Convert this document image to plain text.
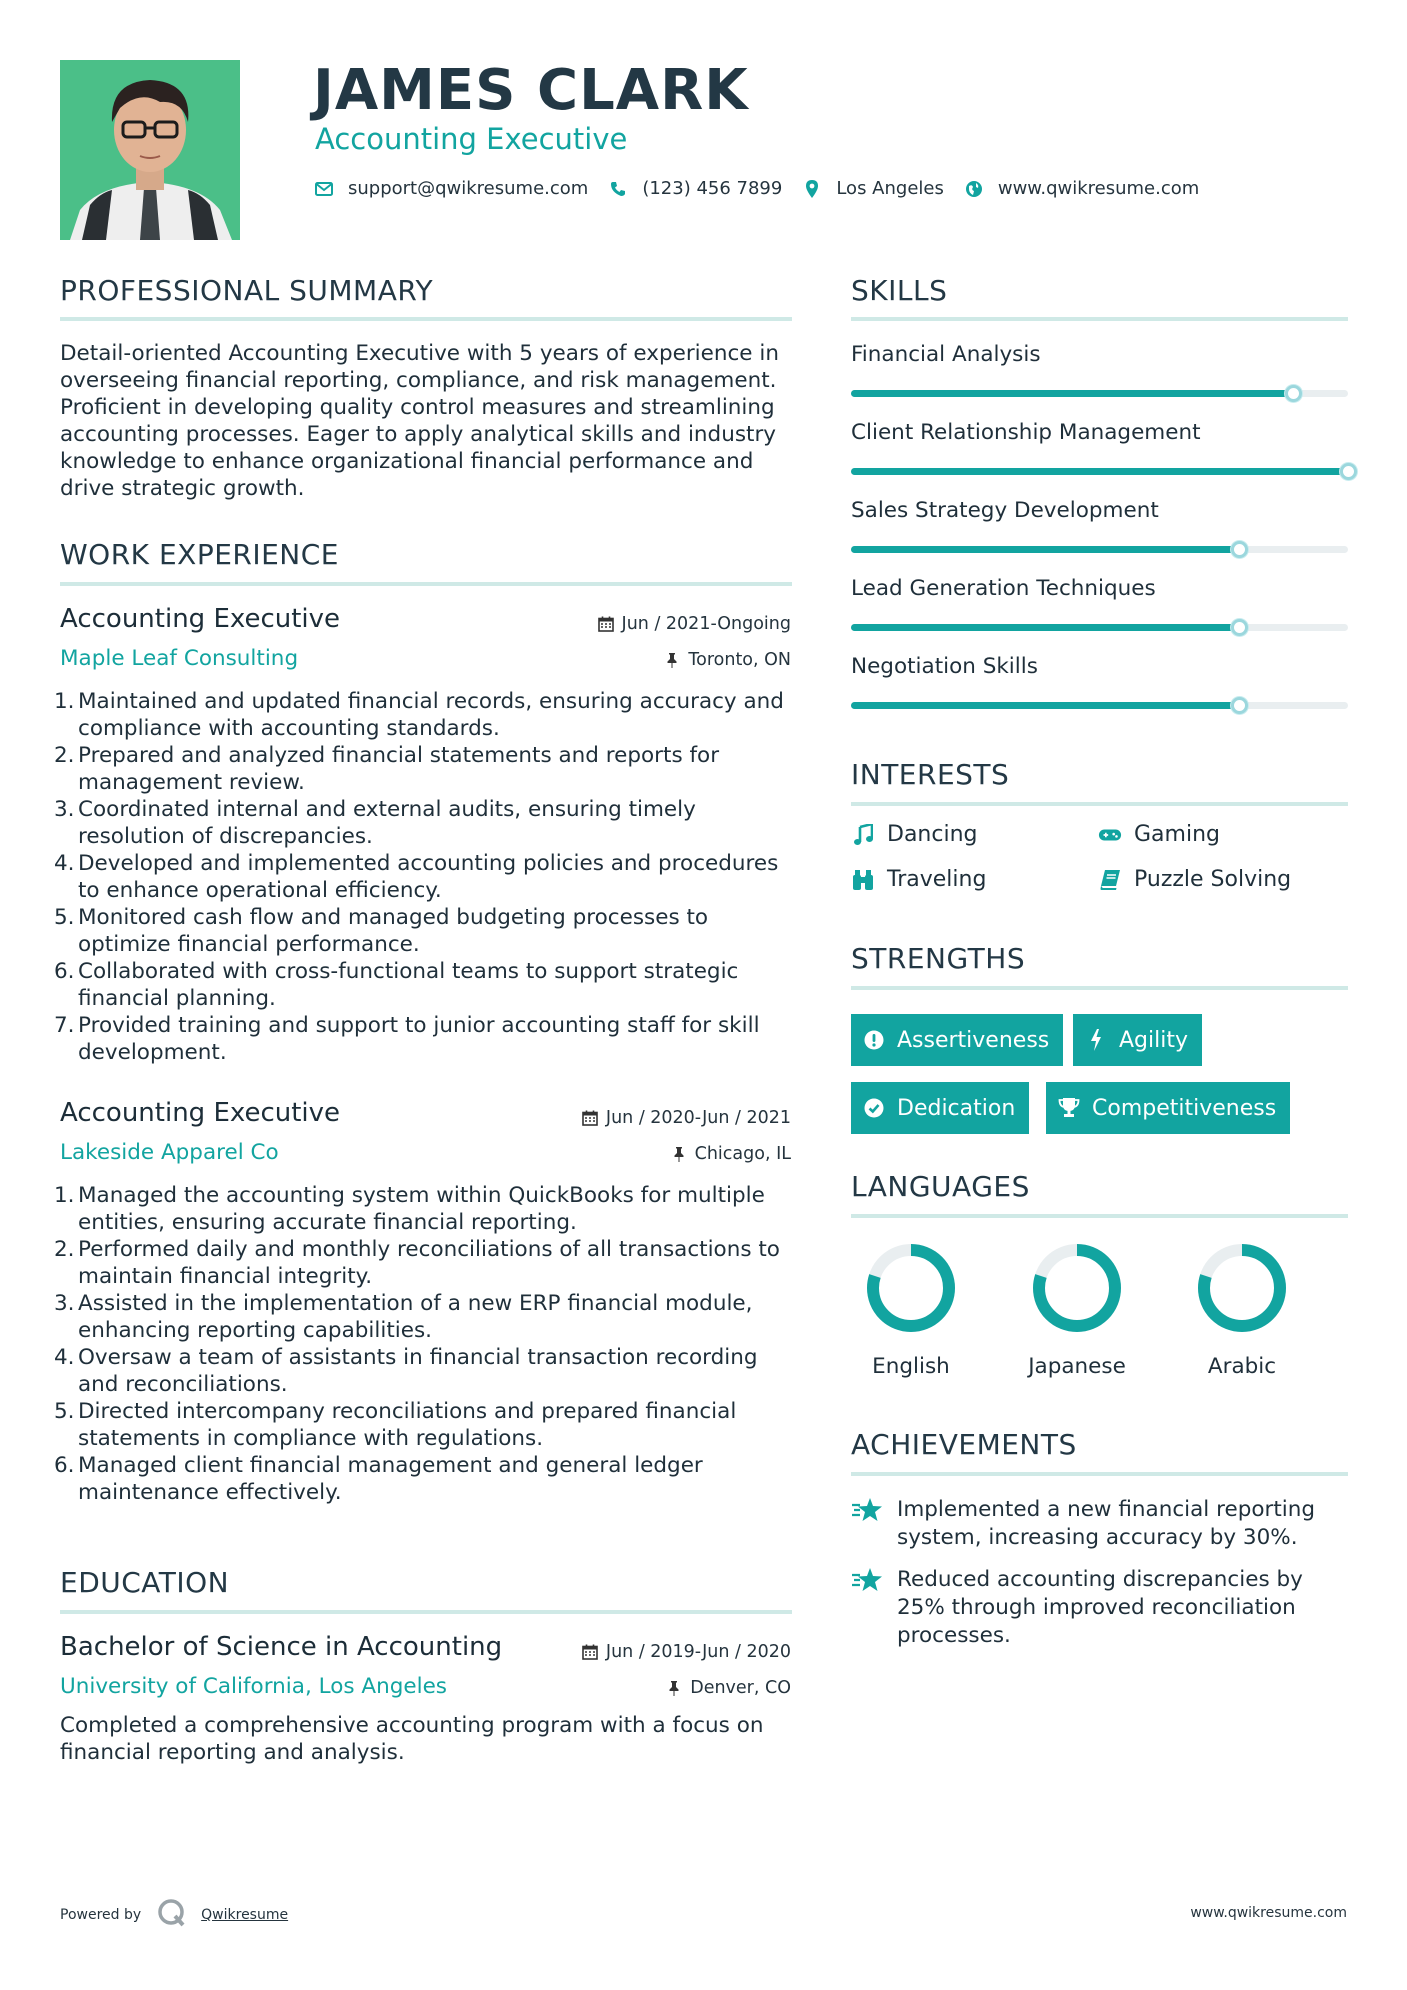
JAMES CLARK
Accounting Executive
support@qwikresume.com	(123) 456 7899	Los Angeles	www.qwikresume.com
PROFESSIONAL SUMMARY
Detail-oriented Accounting Executive with 5 years of experience in overseeing financial reporting, compliance, and risk management. Proficient in developing quality control measures and streamlining accounting processes. Eager to apply analytical skills and industry knowledge to enhance organizational financial performance and drive strategic growth.
WORK EXPERIENCE
Accounting Executive	Jun / 2021-Ongoing
Maple Leaf Consulting	Toronto, ON
1. Maintained and updated financial records, ensuring accuracy and compliance with accounting standards.
2. Prepared and analyzed financial statements and reports for management review.
3. Coordinated internal and external audits, ensuring timely resolution of discrepancies.
4. Developed and implemented accounting policies and procedures to enhance operational efficiency.
5. Monitored cash flow and managed budgeting processes to optimize financial performance.
6. Collaborated with cross-functional teams to support strategic financial planning.
7. Provided training and support to junior accounting staff for skill development.
Accounting Executive	Jun / 2020-Jun / 2021
Lakeside Apparel Co	Chicago, IL
1. Managed the accounting system within QuickBooks for multiple entities, ensuring accurate financial reporting.
2. Performed daily and monthly reconciliations of all transactions to maintain financial integrity.
3. Assisted in the implementation of a new ERP financial module, enhancing reporting capabilities.
4. Oversaw a team of assistants in financial transaction recording and reconciliations.
5. Directed intercompany reconciliations and prepared financial statements in compliance with regulations.
6. Managed client financial management and general ledger maintenance effectively.
EDUCATION
Bachelor of Science in Accounting	Jun / 2019-Jun / 2020
University of California, Los Angeles	Denver, CO
Completed a comprehensive accounting program with a focus on financial reporting and analysis.
SKILLS
Financial Analysis
Client Relationship Management
Sales Strategy Development
Lead Generation Techniques
Negotiation Skills
INTERESTS
Dancing	Gaming
Traveling	Puzzle Solving
STRENGTHS
Assertiveness	Agility
Dedication	Competitiveness
LANGUAGES
English	Japanese	Arabic
ACHIEVEMENTS
Implemented a new financial reporting system, increasing accuracy by 30%.
Reduced accounting discrepancies by 25% through improved reconciliation processes.
Powered by	Qwikresume	www.qwikresume.com
